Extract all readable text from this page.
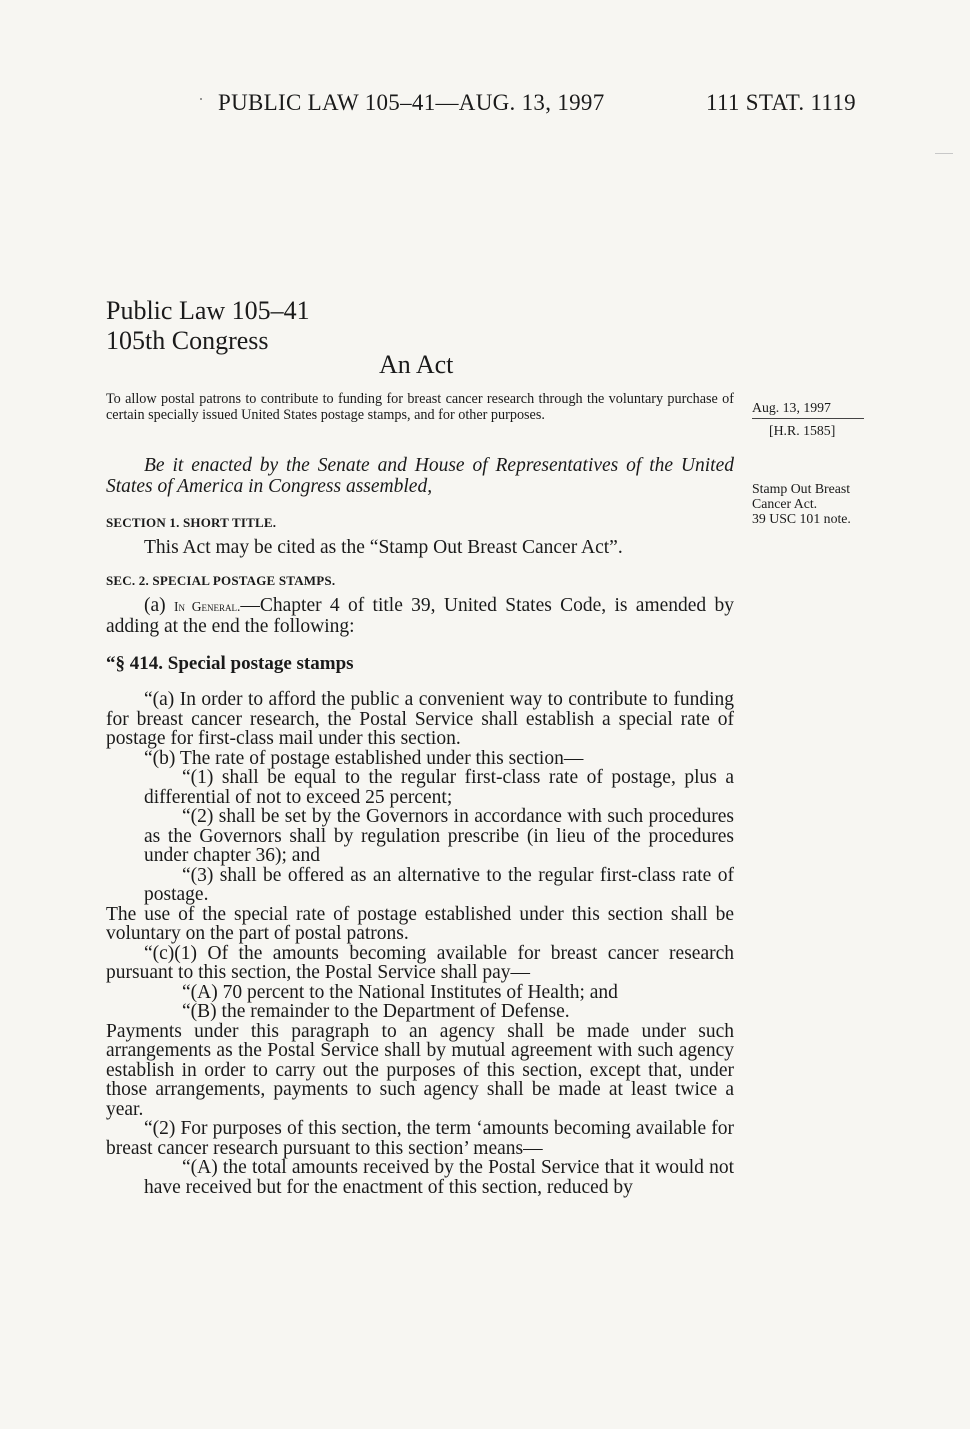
PUBLIC LAW 105–41—AUG. 13, 1997	111 STAT. 1119
Public Law 105–41
105th Congress
An Act
To allow postal patrons to contribute to funding for breast cancer research through the voluntary purchase of certain specially issued United States postage stamps, and for other purposes.	Aug. 13, 1997
[H.R. 1585]
Be it enacted by the Senate and House of Representatives of the United States of America in Congress assembled,	Stamp Out Breast Cancer Act.
39 USC 101 note.
SECTION 1. SHORT TITLE.
This Act may be cited as the “Stamp Out Breast Cancer Act”.
SEC. 2. SPECIAL POSTAGE STAMPS.
(a) In General.—Chapter 4 of title 39, United States Code, is amended by adding at the end the following:
“§ 414. Special postage stamps

“(a) In order to afford the public a convenient way to contribute to funding for breast cancer research, the Postal Service shall establish a special rate of postage for first-class mail under this section.

“(b) The rate of postage established under this section—

“(1) shall be equal to the regular first-class rate of postage, plus a differential of not to exceed 25 percent;

“(2) shall be set by the Governors in accordance with such procedures as the Governors shall by regulation prescribe (in lieu of the procedures under chapter 36); and

“(3) shall be offered as an alternative to the regular first-class rate of postage.

The use of the special rate of postage established under this section shall be voluntary on the part of postal patrons.

“(c)(1) Of the amounts becoming available for breast cancer research pursuant to this section, the Postal Service shall pay—

“(A) 70 percent to the National Institutes of Health; and

“(B) the remainder to the Department of Defense.

Payments under this paragraph to an agency shall be made under such arrangements as the Postal Service shall by mutual agreement with such agency establish in order to carry out the purposes of this section, except that, under those arrangements, payments to such agency shall be made at least twice a year.

“(2) For purposes of this section, the term ‘amounts becoming available for breast cancer research pursuant to this section’ means—

“(A) the total amounts received by the Postal Service that it would not have received but for the enactment of this section, reduced by
